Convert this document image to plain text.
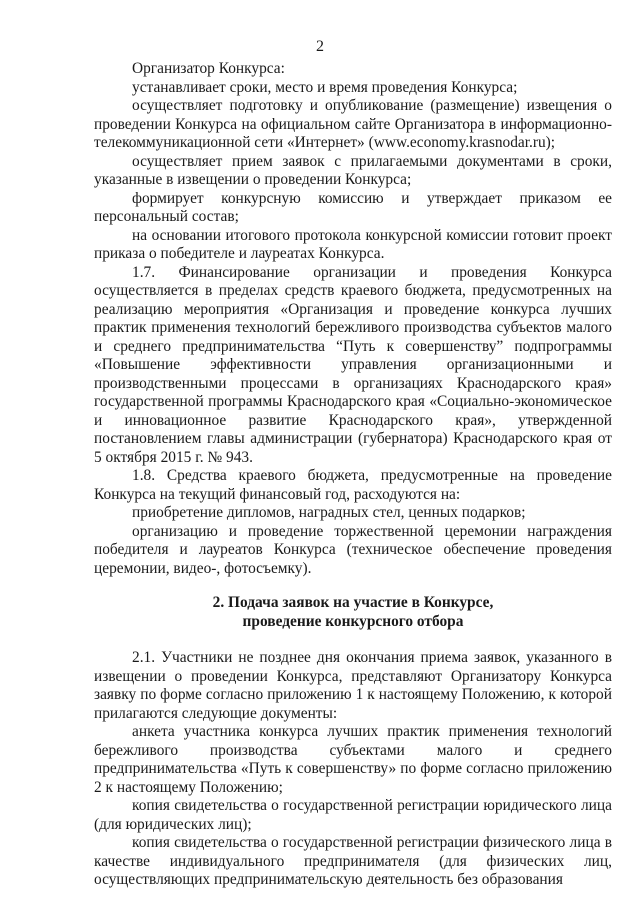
2

Организатор Конкурса:

устанавливает сроки, место и время проведения Конкурса;

осуществляет подготовку и опубликование (размещение) извещения о проведении Конкурса на официальном сайте Организатора в информационно-телекоммуникационной сети «Интернет» (www.economy.krasnodar.ru);

осуществляет прием заявок с прилагаемыми документами в сроки, указанные в извещении о проведении Конкурса;

формирует конкурсную комиссию и утверждает приказом ее персональный состав;

на основании итогового протокола конкурсной комиссии готовит проект приказа о победителе и лауреатах Конкурса.

1.7. Финансирование организации и проведения Конкурса осуществляется в пределах средств краевого бюджета, предусмотренных на реализацию мероприятия «Организация и проведение конкурса лучших практик применения технологий бережливого производства субъектов малого и среднего предпринимательства “Путь к совершенству” подпрограммы «Повышение эффективности управления организационными и производственными процессами в организациях Краснодарского края» государственной программы Краснодарского края «Социально-экономическое и инновационное развитие Краснодарского края», утвержденной постановлением главы администрации (губернатора) Краснодарского края от 5 октября 2015 г. № 943.

1.8. Средства краевого бюджета, предусмотренные на проведение Конкурса на текущий финансовый год, расходуются на:

приобретение дипломов, наградных стел, ценных подарков;

организацию и проведение торжественной церемонии награждения победителя и лауреатов Конкурса (техническое обеспечение проведения церемонии, видео-, фотосъемку).

2. Подача заявок на участие в Конкурсе,
проведение конкурсного отбора

2.1. Участники не позднее дня окончания приема заявок, указанного в извещении о проведении Конкурса, представляют Организатору Конкурса заявку по форме согласно приложению 1 к настоящему Положению, к которой прилагаются следующие документы:

анкета участника конкурса лучших практик применения технологий бережливого производства субъектами малого и среднего предпринимательства «Путь к совершенству» по форме согласно приложению 2 к настоящему Положению;

копия свидетельства о государственной регистрации юридического лица (для юридических лиц);

копия свидетельства о государственной регистрации физического лица в качестве индивидуального предпринимателя (для физических лиц, осуществляющих предпринимательскую деятельность без образования
